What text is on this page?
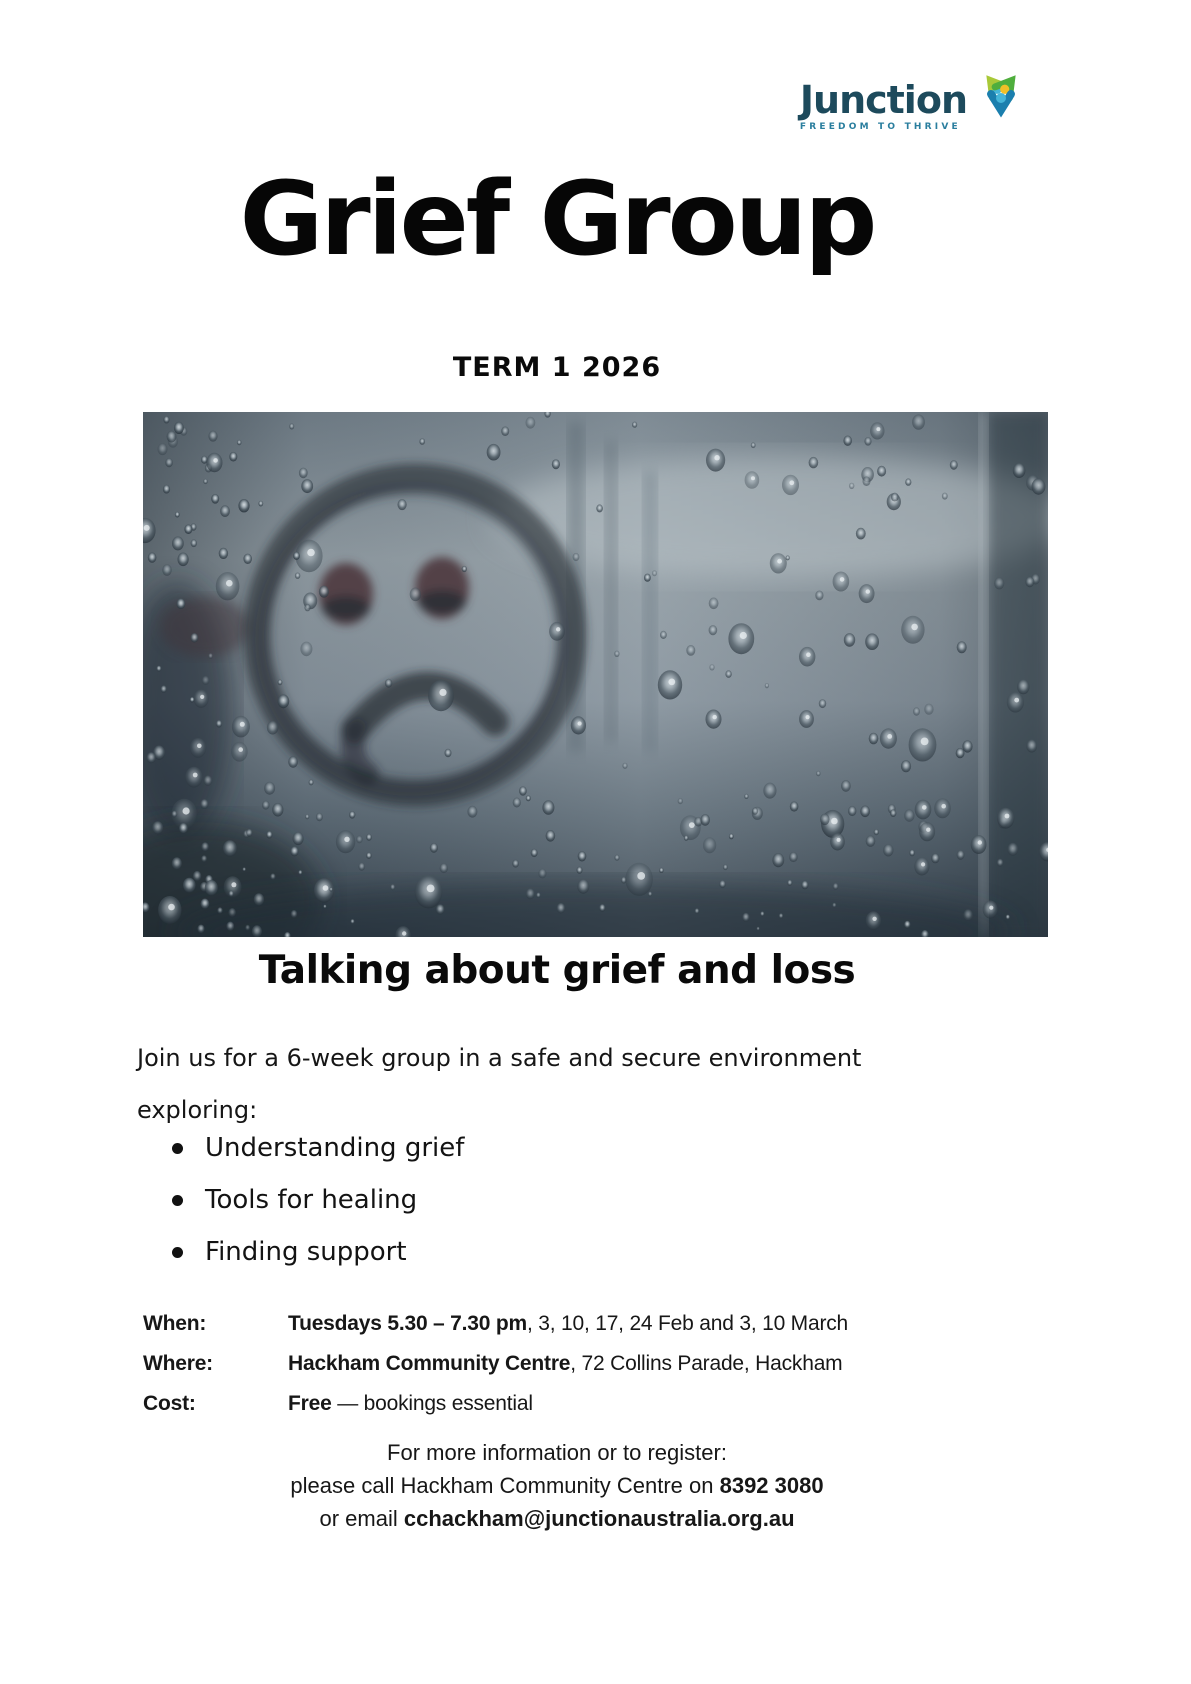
Junction
FREEDOM TO THRIVE
Grief Group
TERM 1 2026
Talking about grief and loss
Join us for a 6-week group in a safe and secure environment
exploring:
Understanding grief
Tools for healing
Finding support
When:	Tuesdays 5.30 – 7.30 pm, 3, 10, 17, 24 Feb and 3, 10 March
Where:	Hackham Community Centre, 72 Collins Parade, Hackham
Cost:	Free — bookings essential
For more information or to register:
please call Hackham Community Centre on 8392 3080
or email cchackham@junctionaustralia.org.au
